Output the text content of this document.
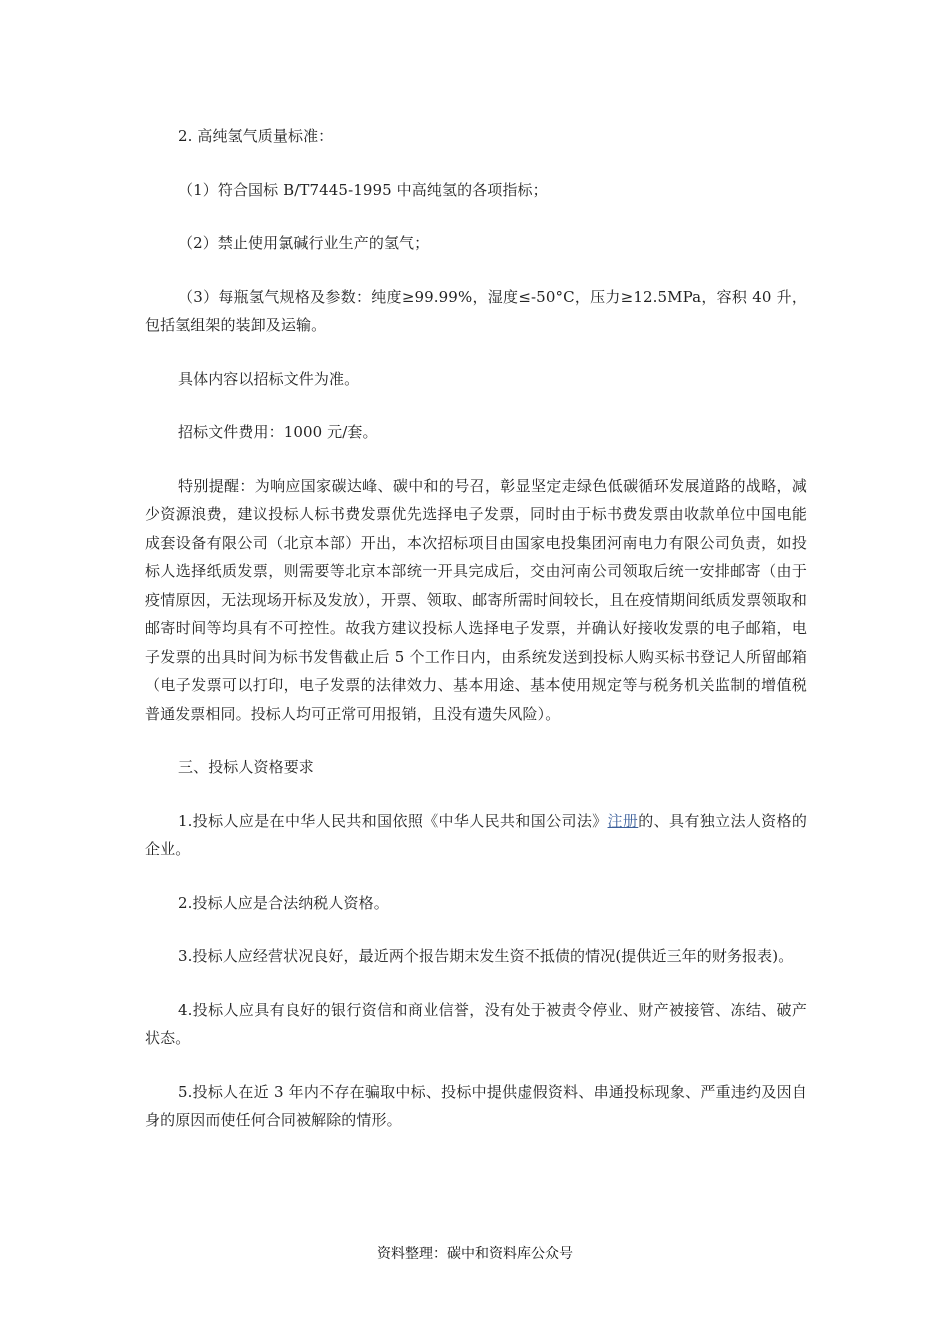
2. 高纯氢气质量标准：

（1）符合国标 B/T7445-1995 中高纯氢的各项指标；

（2）禁止使用氯碱行业生产的氢气；

（3）每瓶氢气规格及参数：纯度≥99.99%，湿度≤-50°C，压力≥12.5MPa，容积 40 升，包括氢组架的装卸及运输。

具体内容以招标文件为准。

招标文件费用：1000 元/套。

特别提醒：为响应国家碳达峰、碳中和的号召，彰显坚定走绿色低碳循环发展道路的战略，减少资源浪费，建议投标人标书费发票优先选择电子发票，同时由于标书费发票由收款单位中国电能成套设备有限公司（北京本部）开出，本次招标项目由国家电投集团河南电力有限公司负责，如投标人选择纸质发票，则需要等北京本部统一开具完成后，交由河南公司领取后统一安排邮寄（由于疫情原因，无法现场开标及发放），开票、领取、邮寄所需时间较长，且在疫情期间纸质发票领取和邮寄时间等均具有不可控性。故我方建议投标人选择电子发票，并确认好接收发票的电子邮箱，电子发票的出具时间为标书发售截止后 5 个工作日内，由系统发送到投标人购买标书登记人所留邮箱（电子发票可以打印，电子发票的法律效力、基本用途、基本使用规定等与税务机关监制的增值税普通发票相同。投标人均可正常可用报销，且没有遗失风险）。

三、投标人资格要求

1.投标人应是在中华人民共和国依照《中华人民共和国公司法》注册的、具有独立法人资格的企业。

2.投标人应是合法纳税人资格。

3.投标人应经营状况良好，最近两个报告期末发生资不抵债的情况(提供近三年的财务报表)。

4.投标人应具有良好的银行资信和商业信誉，没有处于被责令停业、财产被接管、冻结、破产状态。

5.投标人在近 3 年内不存在骗取中标、投标中提供虚假资料、串通投标现象、严重违约及因自身的原因而使任何合同被解除的情形。

资料整理：碳中和资料库公众号
